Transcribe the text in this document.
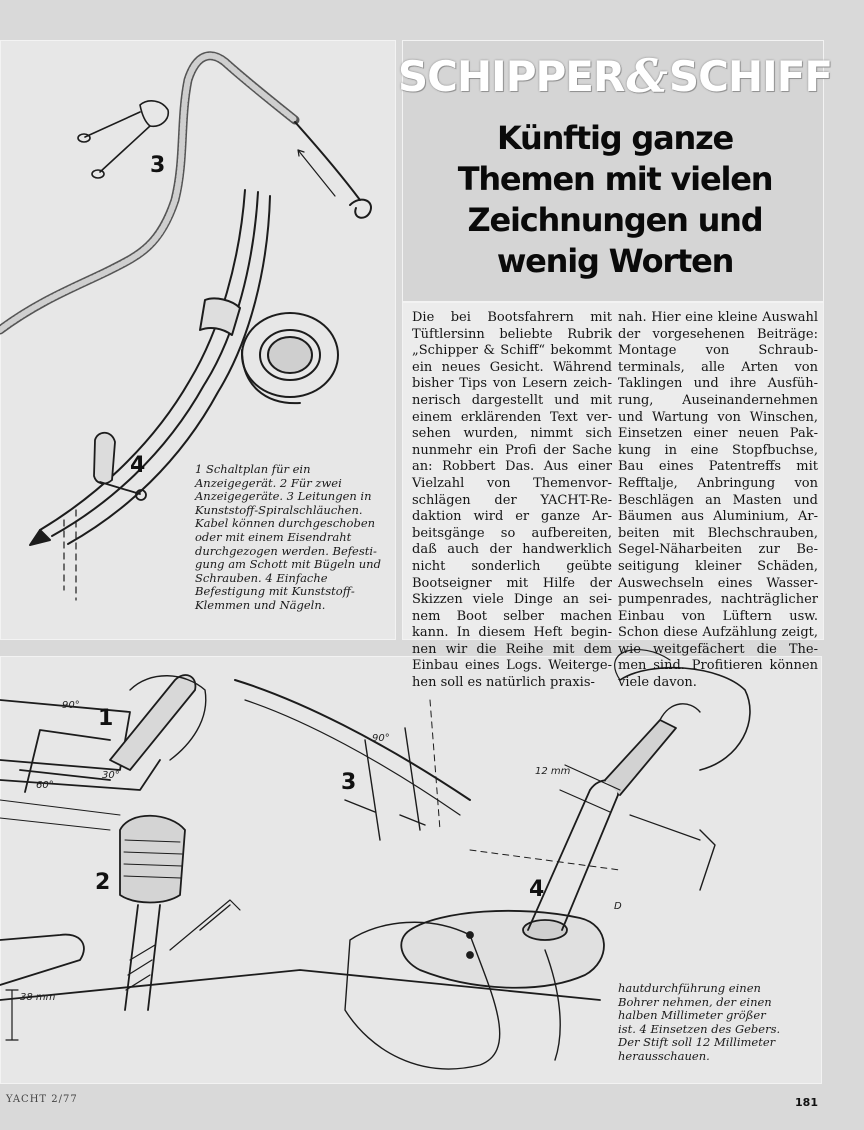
SCHIPPER & SCHIFF
Künftig ganze Themen mit vielen Zeichnungen und wenig Worten

Die bei Bootsfahrern mit Tüftlersinn beliebte Rubrik „Schipper & Schiff“ bekommt ein neues Gesicht. Während bisher Tips von Lesern zeichnerisch dargestellt und mit einem erklärenden Text versehen wurden, nimmt sich nunmehr ein Profi der Sache an: Robbert Das. Aus einer Vielzahl von Themenvorschlägen der YACHT-Redaktion wird er ganze Arbeitsgänge so aufbereiten, daß auch der handwerklich nicht sonderlich geübte Bootseigner mit Hilfe der Skizzen viele Dinge an seinem Boot selber machen kann. In diesem Heft beginnen wir die Reihe mit dem Einbau eines Logs. Weitergehen soll es natürlich praxis-

nah. Hier eine kleine Auswahl der vorgesehenen Beiträge: Montage von Schraubterminals, alle Arten von Taklingen und ihre Ausführung, Auseinandernehmen und Wartung von Winschen, Einsetzen einer neuen Pakkung in eine Stopfbuchse, Bau eines Patentreffs mit Refftalje, Anbringung von Beschlägen an Masten und Bäumen aus Aluminium, Arbeiten mit Blechschrauben, Segel-Näharbeiten zur Beseitigung kleiner Schäden, Auswechseln eines Wasserpumpenrades, nachträglicher Einbau von Lüftern usw. Schon diese Aufzählung zeigt, wie weitgefächert die Themen sind. Profitieren können viele davon.

3
4
1
2
3
4
90°
30°
60°
90°
12 mm
D
38 mm

1 Schaltplan für ein Anzeigegerät. 2 Für zwei Anzeigegeräte. 3 Leitungen in Kunststoff-Spiralschläuchen. Kabel können durchgeschoben oder mit einem Eisendraht durchgezogen werden. Befestigung am Schott mit Bügeln und Schrauben. 4 Einfache Befestigung mit Kunststoff-Klemmen und Nägeln.

hautdurchführung einen Bohrer nehmen, der einen halben Millimeter größer ist. 4 Einsetzen des Gebers. Der Stift soll 12 Millimeter herausschauen.

YACHT 2/77	181
